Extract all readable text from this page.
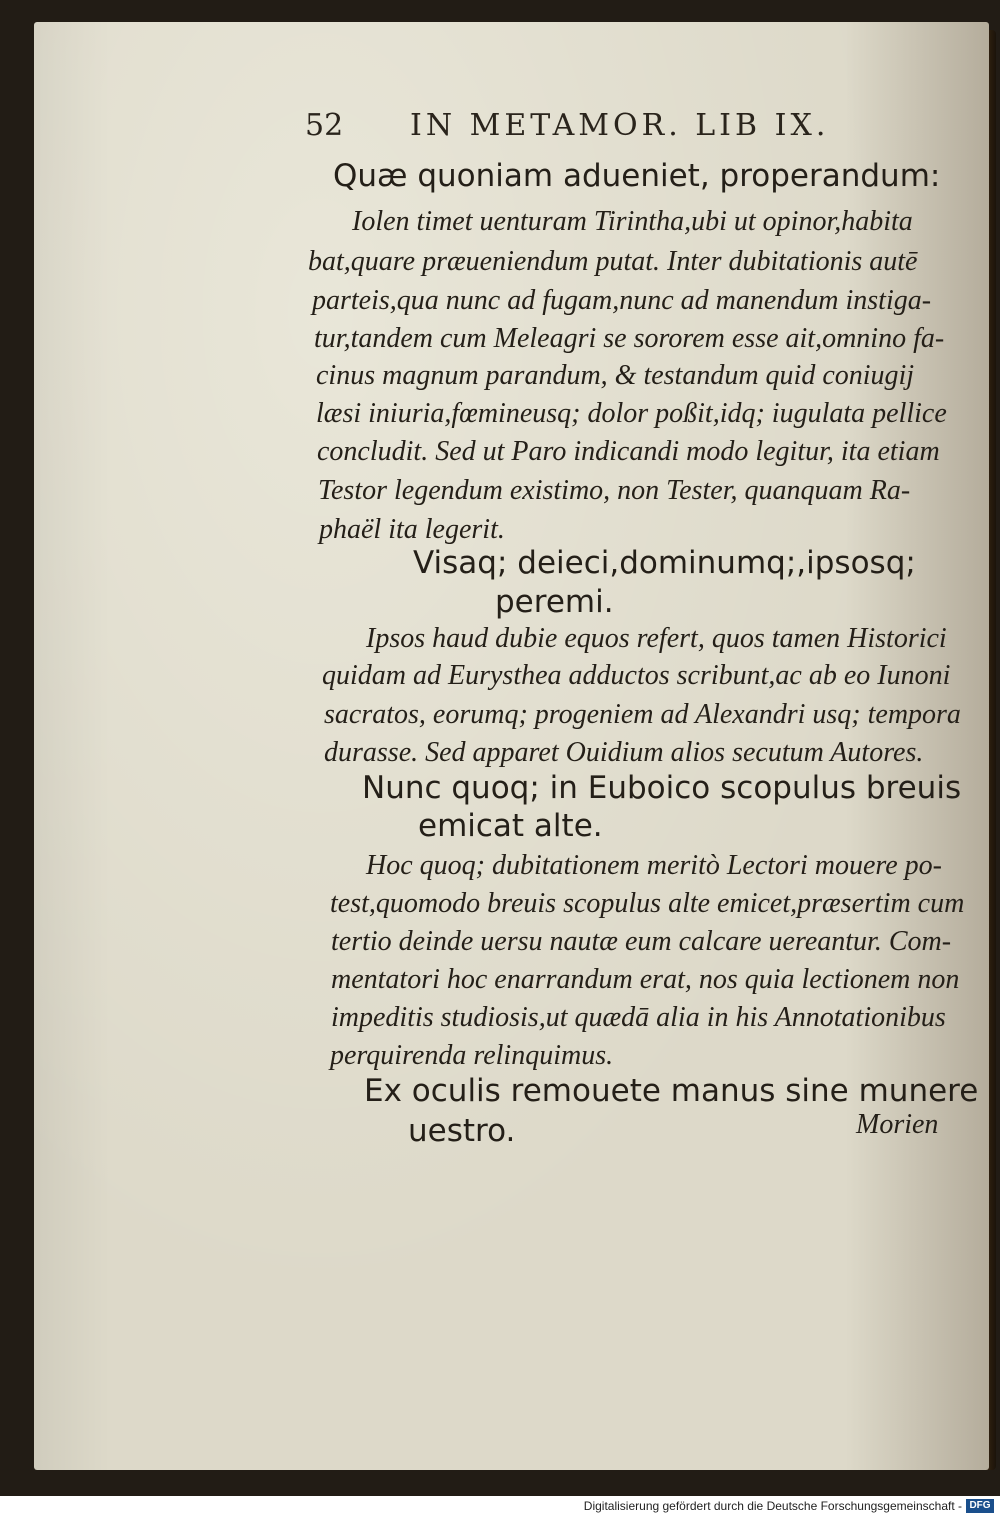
52 IN METAMOR. LIB IX.
Quæ quoniam adueniet, properandum:
Iolen timet uenturam Tirintha,ubi ut opinor,habita
bat,quare præueniendum putat. Inter dubitationis autē
parteis,qua nunc ad fugam,nunc ad manendum instiga-
tur,tandem cum Meleagri se sororem esse ait,omnino fa-
cinus magnum parandum, & testandum quid coniugij
læsi iniuria,fœmineusq; dolor poßit,idq; iugulata pellice
concludit. Sed ut Paro indicandi modo legitur, ita etiam
Testor legendum existimo, non Tester, quanquam Ra-
phaël ita legerit.
Visaq; deieci,dominumq;,ipsosq;
peremi.
Ipsos haud dubie equos refert, quos tamen Historici
quidam ad Eurysthea adductos scribunt,ac ab eo Iunoni
sacratos, eorumq; progeniem ad Alexandri usq; tempora
durasse. Sed apparet Ouidium alios secutum Autores.
Nunc quoq; in Euboico scopulus breuis
emicat alte.
Hoc quoq; dubitationem meritò Lectori mouere po-
test,quomodo breuis scopulus alte emicet,præsertim cum
tertio deinde uersu nautæ eum calcare uereantur. Com-
mentatori hoc enarrandum erat, nos quia lectionem non
impeditis studiosis,ut quædā alia in his Annotationibus
perquirenda relinquimus.
Ex oculis remouete manus sine munere
uestro.	Morien
Digitalisierung gefördert durch die Deutsche Forschungsgemeinschaft - DFG
